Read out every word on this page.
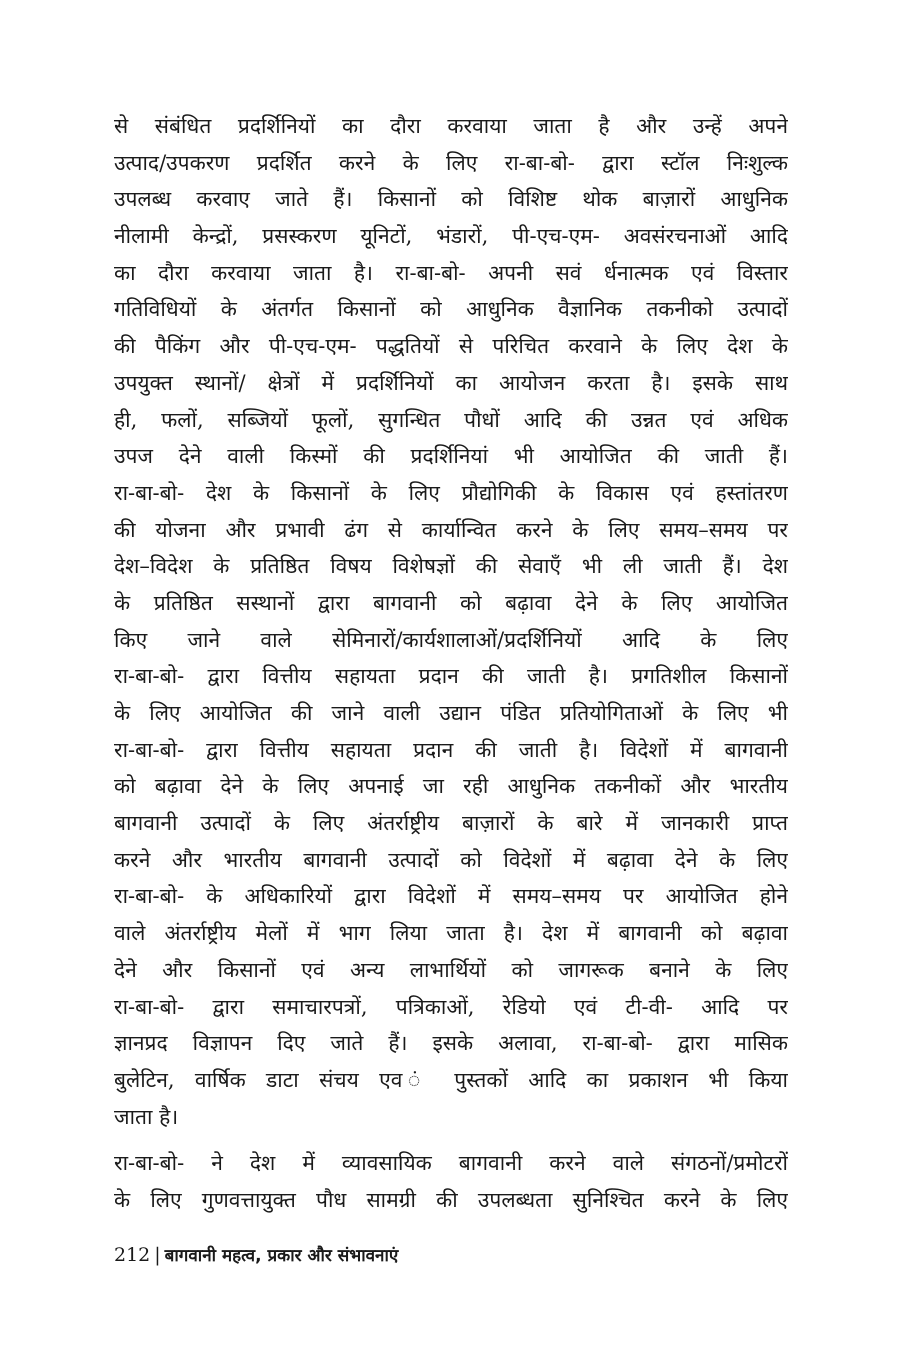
से संबंधित प्रदर्शिनियों का दौरा करवाया जाता है और उन्हें अपने
उत्पाद/उपकरण प्रदर्शित करने के लिए रा-बा-बो- द्वारा स्टॉल निःशुल्क
उपलब्ध करवाए जाते हैं। किसानों को विशिष्ट थोक बाज़ारों आधुनिक
नीलामी केन्द्रों, प्रसस्करण यूनिटों, भंडारों, पी-एच-एम- अवसंरचनाओं आदि
का दौरा करवाया जाता है। रा-बा-बो- अपनी सवं र्धनात्मक एवं विस्तार
गतिविधियों के अंतर्गत किसानों को आधुनिक वैज्ञानिक तकनीको उत्पादों
की पैकिंग और पी-एच-एम- पद्धतियों से परिचित करवाने के लिए देश के
उपयुक्त स्थानों/ क्षेत्रों में प्रदर्शिनियों का आयोजन करता है। इसके साथ
ही, फलों, सब्जियों फूलों, सुगन्धित पौधों आदि की उन्नत एवं अधिक
उपज देने वाली किस्मों की प्रदर्शिनियां भी आयोजित की जाती हैं।
रा-बा-बो- देश के किसानों के लिए प्रौद्योगिकी के विकास एवं हस्तांतरण
की योजना और प्रभावी ढंग से कार्यान्वित करने के लिए समय–समय पर
देश–विदेश के प्रतिष्ठित विषय विशेषज्ञों की सेवाएँ भी ली जाती हैं। देश
के प्रतिष्ठित सस्थानों द्वारा बागवानी को बढ़ावा देने के लिए आयोजित
किए जाने वाले सेमिनारों/कार्यशालाओं/प्रदर्शिनियों आदि के लिए
रा-बा-बो- द्वारा वित्तीय सहायता प्रदान की जाती है। प्रगतिशील किसानों
के लिए आयोजित की जाने वाली उद्यान पंडित प्रतियोगिताओं के लिए भी
रा-बा-बो- द्वारा वित्तीय सहायता प्रदान की जाती है। विदेशों में बागवानी
को बढ़ावा देने के लिए अपनाई जा रही आधुनिक तकनीकों और भारतीय
बागवानी उत्पादों के लिए अंतर्राष्ट्रीय बाज़ारों के बारे में जानकारी प्राप्त
करने और भारतीय बागवानी उत्पादों को विदेशों में बढ़ावा देने के लिए
रा-बा-बो- के अधिकारियों द्वारा विदेशों में समय–समय पर आयोजित होने
वाले अंतर्राष्ट्रीय मेलों में भाग लिया जाता है। देश में बागवानी को बढ़ावा
देने और किसानों एवं अन्य लाभार्थियों को जागरूक बनाने के लिए
रा-बा-बो- द्वारा समाचारपत्रों, पत्रिकाओं, रेडियो एवं टी-वी- आदि पर
ज्ञानप्रद विज्ञापन दिए जाते हैं। इसके अलावा, रा-बा-बो- द्वारा मासिक
बुलेटिन, वार्षिक डाटा संचय एव ं पुस्तकों आदि का प्रकाशन भी किया
जाता है।
रा-बा-बो- ने देश में व्यावसायिक बागवानी करने वाले संगठनों/प्रमोटरों
के लिए गुणवत्तायुक्त पौध सामग्री की उपलब्धता सुनिश्चित करने के लिए
212 | बागवानी महत्व, प्रकार और संभावनाएं
